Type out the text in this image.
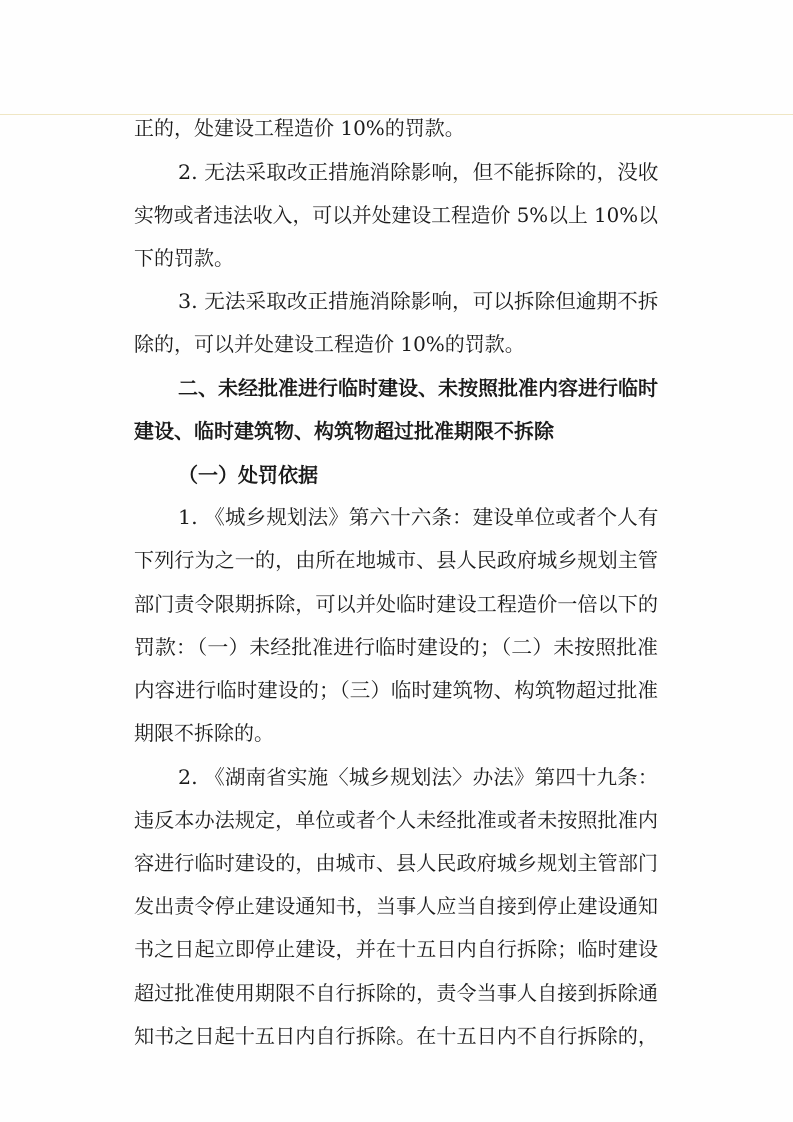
正的，处建设工程造价 10%的罚款。
2. 无法采取改正措施消除影响，但不能拆除的，没收
实物或者违法收入，可以并处建设工程造价 5%以上 10%以
下的罚款。
3. 无法采取改正措施消除影响，可以拆除但逾期不拆
除的，可以并处建设工程造价 10%的罚款。
二、未经批准进行临时建设、未按照批准内容进行临时
建设、临时建筑物、构筑物超过批准期限不拆除
（一）处罚依据
1. 《城乡规划法》第六十六条：建设单位或者个人有
下列行为之一的，由所在地城市、县人民政府城乡规划主管
部门责令限期拆除，可以并处临时建设工程造价一倍以下的
罚款：（一）未经批准进行临时建设的；（二）未按照批准
内容进行临时建设的；（三）临时建筑物、构筑物超过批准
期限不拆除的。
2. 《湖南省实施〈城乡规划法〉办法》第四十九条：
违反本办法规定，单位或者个人未经批准或者未按照批准内
容进行临时建设的，由城市、县人民政府城乡规划主管部门
发出责令停止建设通知书，当事人应当自接到停止建设通知
书之日起立即停止建设，并在十五日内自行拆除；临时建设
超过批准使用期限不自行拆除的，责令当事人自接到拆除通
知书之日起十五日内自行拆除。在十五日内不自行拆除的，
